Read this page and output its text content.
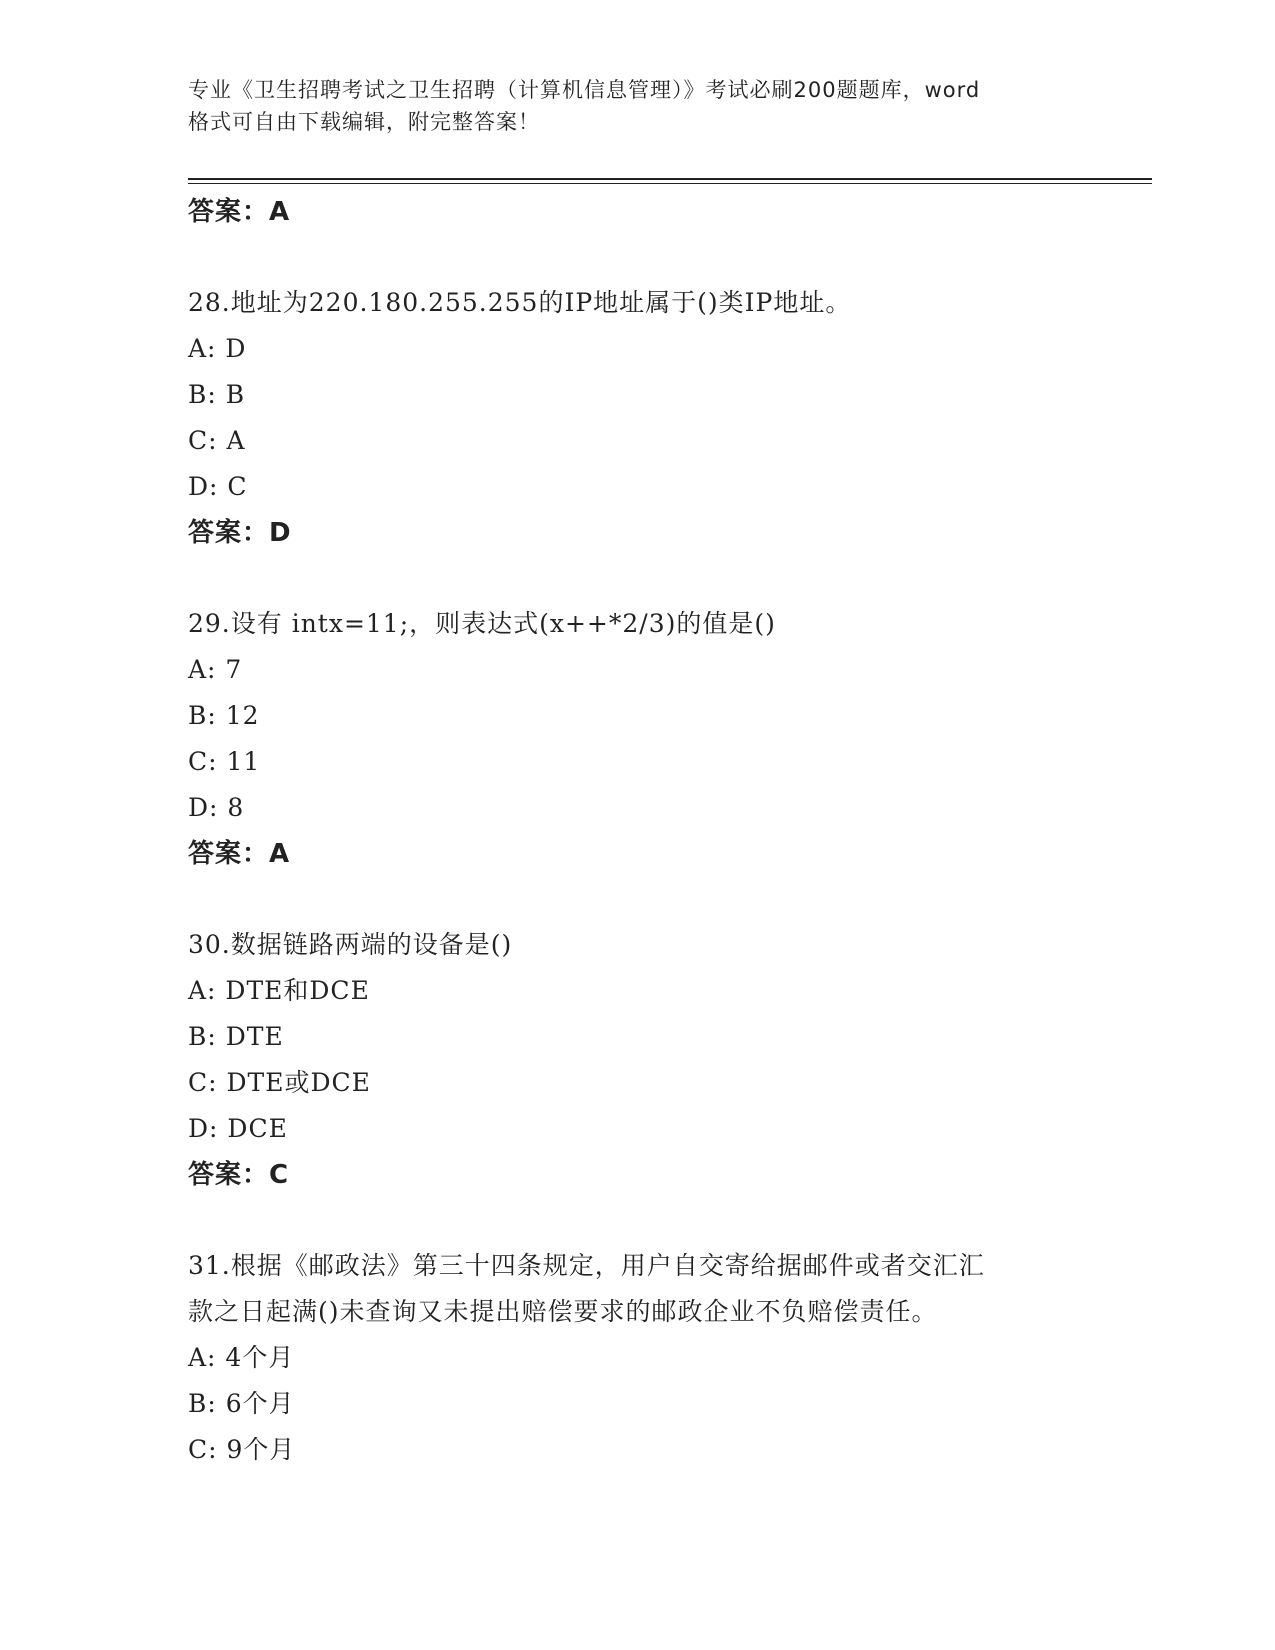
专业《卫生招聘考试之卫生招聘（计算机信息管理）》考试必刷200题题库，word
格式可自由下载编辑，附完整答案！
答案：A
28.地址为220.180.255.255的IP地址属于()类IP地址。
A: D
B: B
C: A
D: C
答案：D
29.设有 intx=11;，则表达式(x++*2/3)的值是()
A: 7
B: 12
C: 11
D: 8
答案：A
30.数据链路两端的设备是()
A: DTE和DCE
B: DTE
C: DTE或DCE
D: DCE
答案：C
31.根据《邮政法》第三十四条规定，用户自交寄给据邮件或者交汇汇
款之日起满()未查询又未提出赔偿要求的邮政企业不负赔偿责任。
A: 4个月
B: 6个月
C: 9个月
